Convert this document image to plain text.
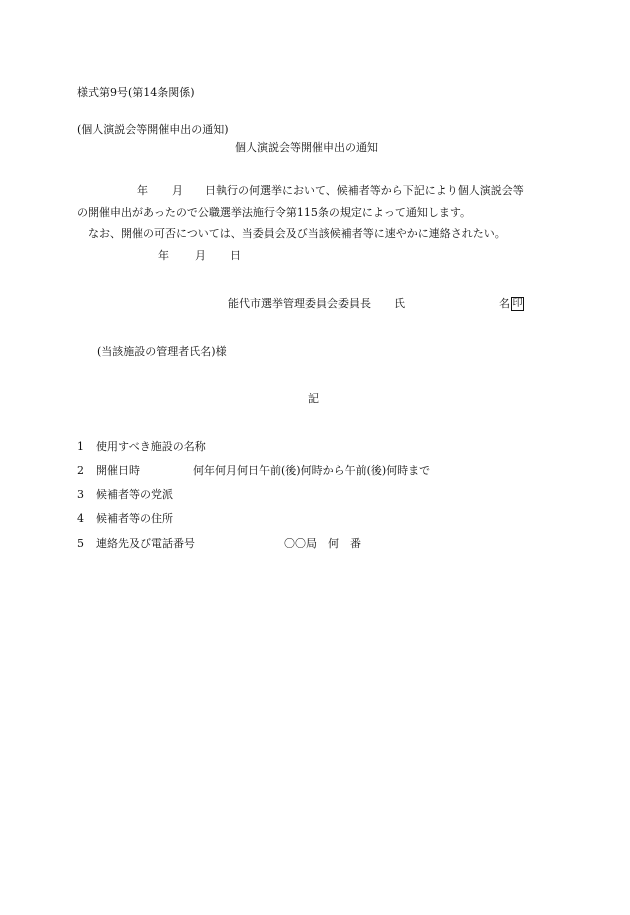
様式第9号(第14条関係)
(個人演説会等開催申出の通知)
個人演説会等開催申出の通知
年 月 日執行の何選挙において、候補者等から下記により個人演説会等
の開催申出があったので公職選挙法施行令第115条の規定によって通知します。
なお、開催の可否については、当委員会及び当該候補者等に速やかに連絡されたい。
年 月 日
能代市選挙管理委員会委員長 氏	名 印
(当該施設の管理者氏名)様
記
1 使用すべき施設の名称
2 開催日時	何年何月何日午前(後)何時から午前(後)何時まで
3 候補者等の党派
4 候補者等の住所
5 連絡先及び電話番号	〇〇局　何　番
